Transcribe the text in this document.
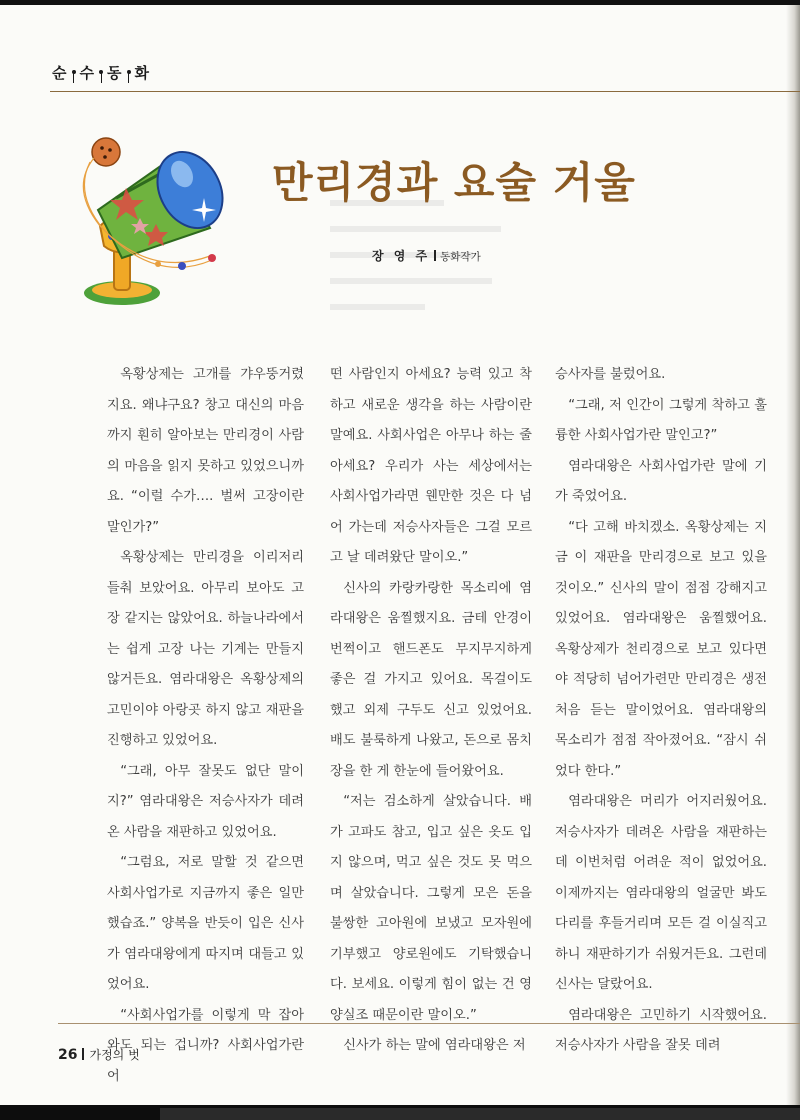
순 수 동 화
만리경과 요술 거울
장 영 주 동화작가

옥황상제는 고개를 갸우뚱거렸지요. 왜냐구요? 창고 대신의 마음까지 훤히 알아보는 만리경이 사람의 마음을 읽지 못하고 있었으니까요. “이럴 수가…. 벌써 고장이란 말인가?”

옥황상제는 만리경을 이리저리 들춰 보았어요. 아무리 보아도 고장 같지는 않았어요. 하늘나라에서는 쉽게 고장 나는 기계는 만들지 않거든요. 염라대왕은 옥황상제의 고민이야 아랑곳 하지 않고 재판을 진행하고 있었어요.

“그래, 아무 잘못도 없단 말이지?” 염라대왕은 저승사자가 데려온 사람을 재판하고 있었어요.

“그럼요, 저로 말할 것 같으면 사회사업가로 지금까지 좋은 일만 했습죠.” 양복을 반듯이 입은 신사가 염라대왕에게 따지며 대들고 있었어요.

“사회사업가를 이렇게 막 잡아와도 되는 겁니까? 사회사업가란 어

떤 사람인지 아세요? 능력 있고 착하고 새로운 생각을 하는 사람이란 말예요. 사회사업은 아무나 하는 줄 아세요? 우리가 사는 세상에서는 사회사업가라면 웬만한 것은 다 넘어 가는데 저승사자들은 그걸 모르고 날 데려왔단 말이오.”

신사의 카랑카랑한 목소리에 염라대왕은 움찔했지요. 금테 안경이 번쩍이고 핸드폰도 무지무지하게 좋은 걸 가지고 있어요. 목걸이도 했고 외제 구두도 신고 있었어요. 배도 불룩하게 나왔고, 돈으로 몸치장을 한 게 한눈에 들어왔어요.

“저는 검소하게 살았습니다. 배가 고파도 참고, 입고 싶은 옷도 입지 않으며, 먹고 싶은 것도 못 먹으며 살았습니다. 그렇게 모은 돈을 불쌍한 고아원에 보냈고 모자원에 기부했고 양로원에도 기탁했습니다. 보세요. 이렇게 힘이 없는 건 영양실조 때문이란 말이오.”

신사가 하는 말에 염라대왕은 저

승사자를 불렀어요.

“그래, 저 인간이 그렇게 착하고 훌륭한 사회사업가란 말인고?”

염라대왕은 사회사업가란 말에 기가 죽었어요.

“다 고해 바치겠소. 옥황상제는 지금 이 재판을 만리경으로 보고 있을 것이오.” 신사의 말이 점점 강해지고 있었어요. 염라대왕은 움찔했어요. 옥황상제가 천리경으로 보고 있다면야 적당히 넘어가련만 만리경은 생전 처음 듣는 말이었어요. 염라대왕의 목소리가 점점 작아졌어요. “잠시 쉬었다 한다.”

염라대왕은 머리가 어지러웠어요. 저승사자가 데려온 사람을 재판하는 데 이번처럼 어려운 적이 없었어요. 이제까지는 염라대왕의 얼굴만 봐도 다리를 후들거리며 모든 걸 이실직고하니 재판하기가 쉬웠거든요. 그런데 신사는 달랐어요.

염라대왕은 고민하기 시작했어요. 저승사자가 사람을 잘못 데려

26 가정의 벗
